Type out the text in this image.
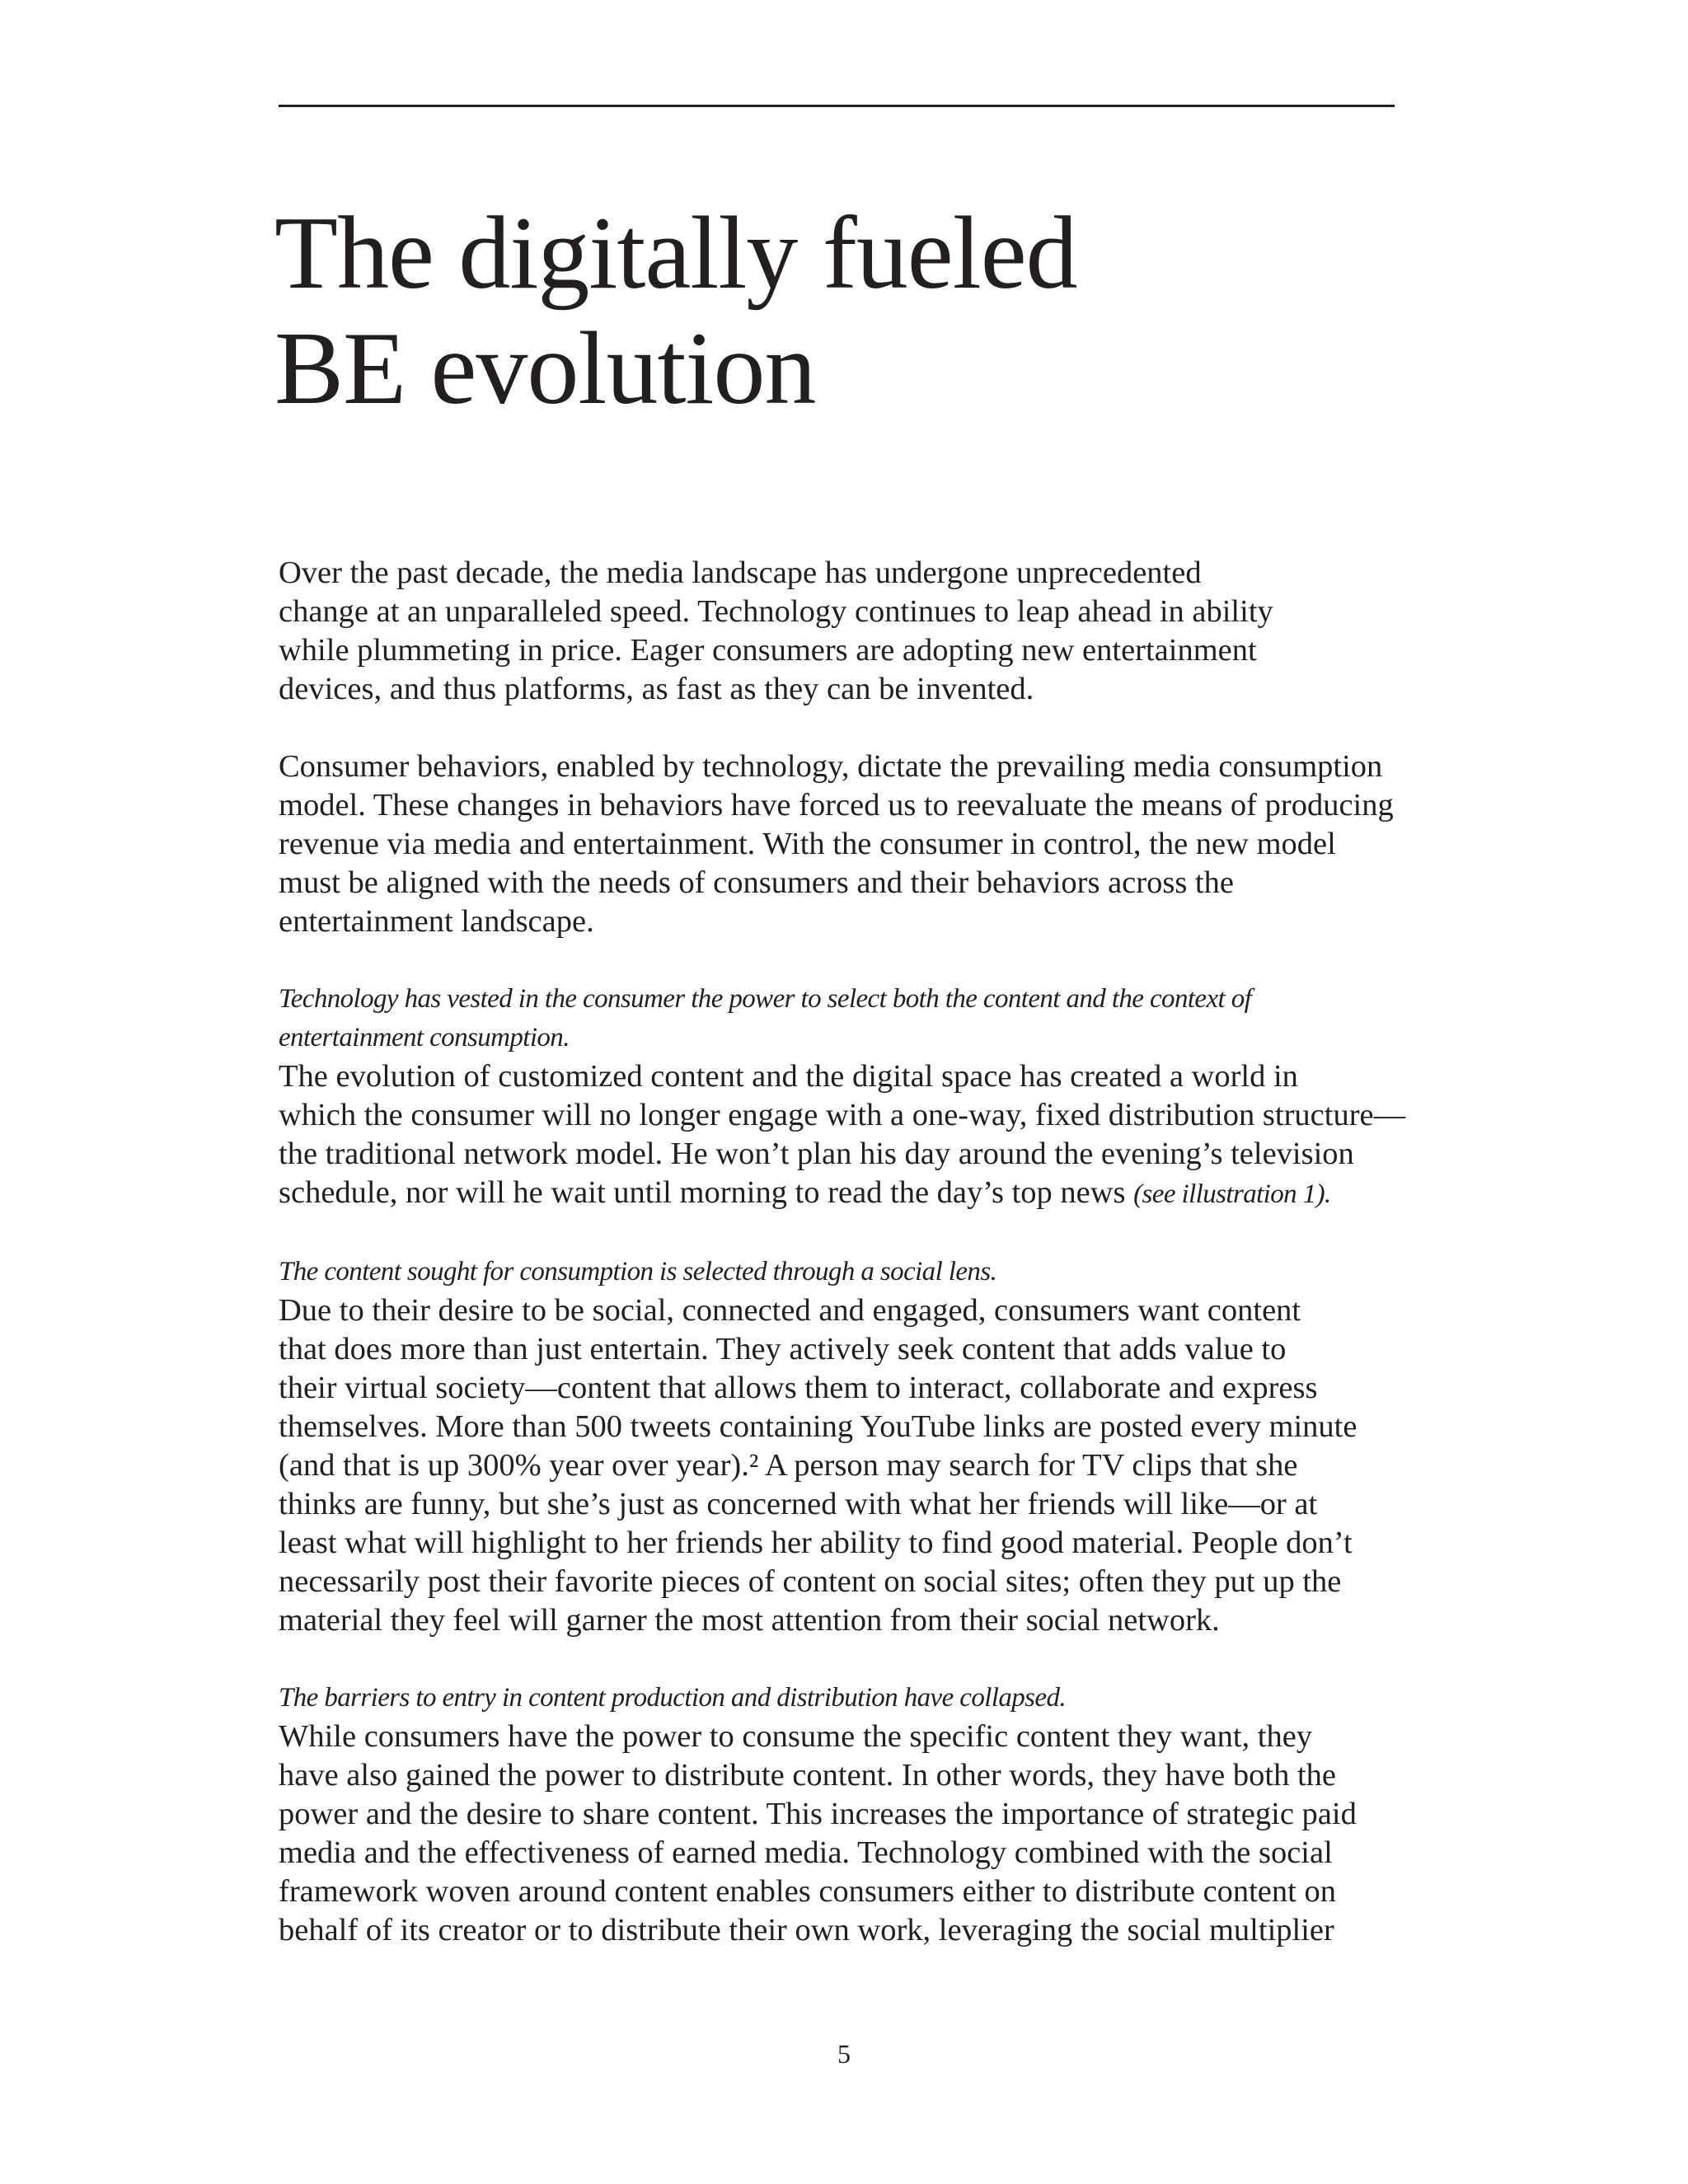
The digitally fueled
BE evolution

Over the past decade, the media landscape has undergone unprecedented
change at an unparalleled speed. Technology continues to leap ahead in ability
while plummeting in price. Eager consumers are adopting new entertainment
devices, and thus platforms, as fast as they can be invented.

Consumer behaviors, enabled by technology, dictate the prevailing media consumption
model. These changes in behaviors have forced us to reevaluate the means of producing
revenue via media and entertainment. With the consumer in control, the new model
must be aligned with the needs of consumers and their behaviors across the
entertainment landscape.

Technology has vested in the consumer the power to select both the content and the context of
entertainment consumption.

The evolution of customized content and the digital space has created a world in
which the consumer will no longer engage with a one-way, fixed distribution structure—
the traditional network model. He won’t plan his day around the evening’s television
schedule, nor will he wait until morning to read the day’s top news (see illustration 1).

The content sought for consumption is selected through a social lens.

Due to their desire to be social, connected and engaged, consumers want content
that does more than just entertain. They actively seek content that adds value to
their virtual society—content that allows them to interact, collaborate and express
themselves. More than 500 tweets containing YouTube links are posted every minute
(and that is up 300% year over year).² A person may search for TV clips that she
thinks are funny, but she’s just as concerned with what her friends will like—or at
least what will highlight to her friends her ability to find good material. People don’t
necessarily post their favorite pieces of content on social sites; often they put up the
material they feel will garner the most attention from their social network.

The barriers to entry in content production and distribution have collapsed.

While consumers have the power to consume the specific content they want, they
have also gained the power to distribute content. In other words, they have both the
power and the desire to share content. This increases the importance of strategic paid
media and the effectiveness of earned media. Technology combined with the social
framework woven around content enables consumers either to distribute content on
behalf of its creator or to distribute their own work, leveraging the social multiplier

5
